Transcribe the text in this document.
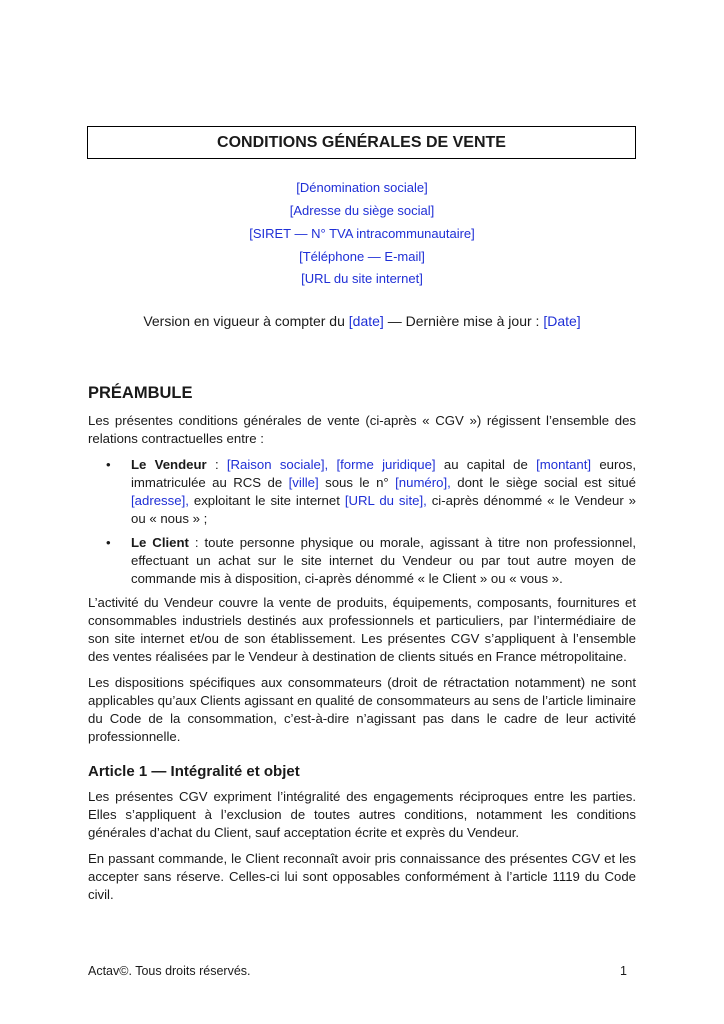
CONDITIONS GÉNÉRALES DE VENTE
[Dénomination sociale]
[Adresse du siège social]
[SIRET — N° TVA intracommunautaire]
[Téléphone — E-mail]
[URL du site internet]
Version en vigueur à compter du [date] — Dernière mise à jour : [Date]
PRÉAMBULE

Les présentes conditions générales de vente (ci-après « CGV ») régissent l’ensemble des relations contractuelles entre :

• Le Vendeur : [Raison sociale], [forme juridique] au capital de [montant] euros, immatriculée au RCS de [ville] sous le n° [numéro], dont le siège social est situé [adresse], exploitant le site internet [URL du site], ci-après dénommé « le Vendeur » ou « nous » ;
• Le Client : toute personne physique ou morale, agissant à titre non professionnel, effectuant un achat sur le site internet du Vendeur ou par tout autre moyen de commande mis à disposition, ci-après dénommé « le Client » ou « vous ».

L’activité du Vendeur couvre la vente de produits, équipements, composants, fournitures et consommables industriels destinés aux professionnels et particuliers, par l’intermédiaire de son site internet et/ou de son établissement. Les présentes CGV s’appliquent à l’ensemble des ventes réalisées par le Vendeur à destination de clients situés en France métropolitaine.

Les dispositions spécifiques aux consommateurs (droit de rétractation notamment) ne sont applicables qu’aux Clients agissant en qualité de consommateurs au sens de l’article liminaire du Code de la consommation, c’est-à-dire n’agissant pas dans le cadre de leur activité professionnelle.

Article 1 — Intégralité et objet

Les présentes CGV expriment l’intégralité des engagements réciproques entre les parties. Elles s’appliquent à l’exclusion de toutes autres conditions, notamment les conditions générales d’achat du Client, sauf acceptation écrite et exprès du Vendeur.

En passant commande, le Client reconnaît avoir pris connaissance des présentes CGV et les accepter sans réserve. Celles-ci lui sont opposables conformément à l’article 1119 du Code civil.

Actav©. Tous droits réservés.	1
